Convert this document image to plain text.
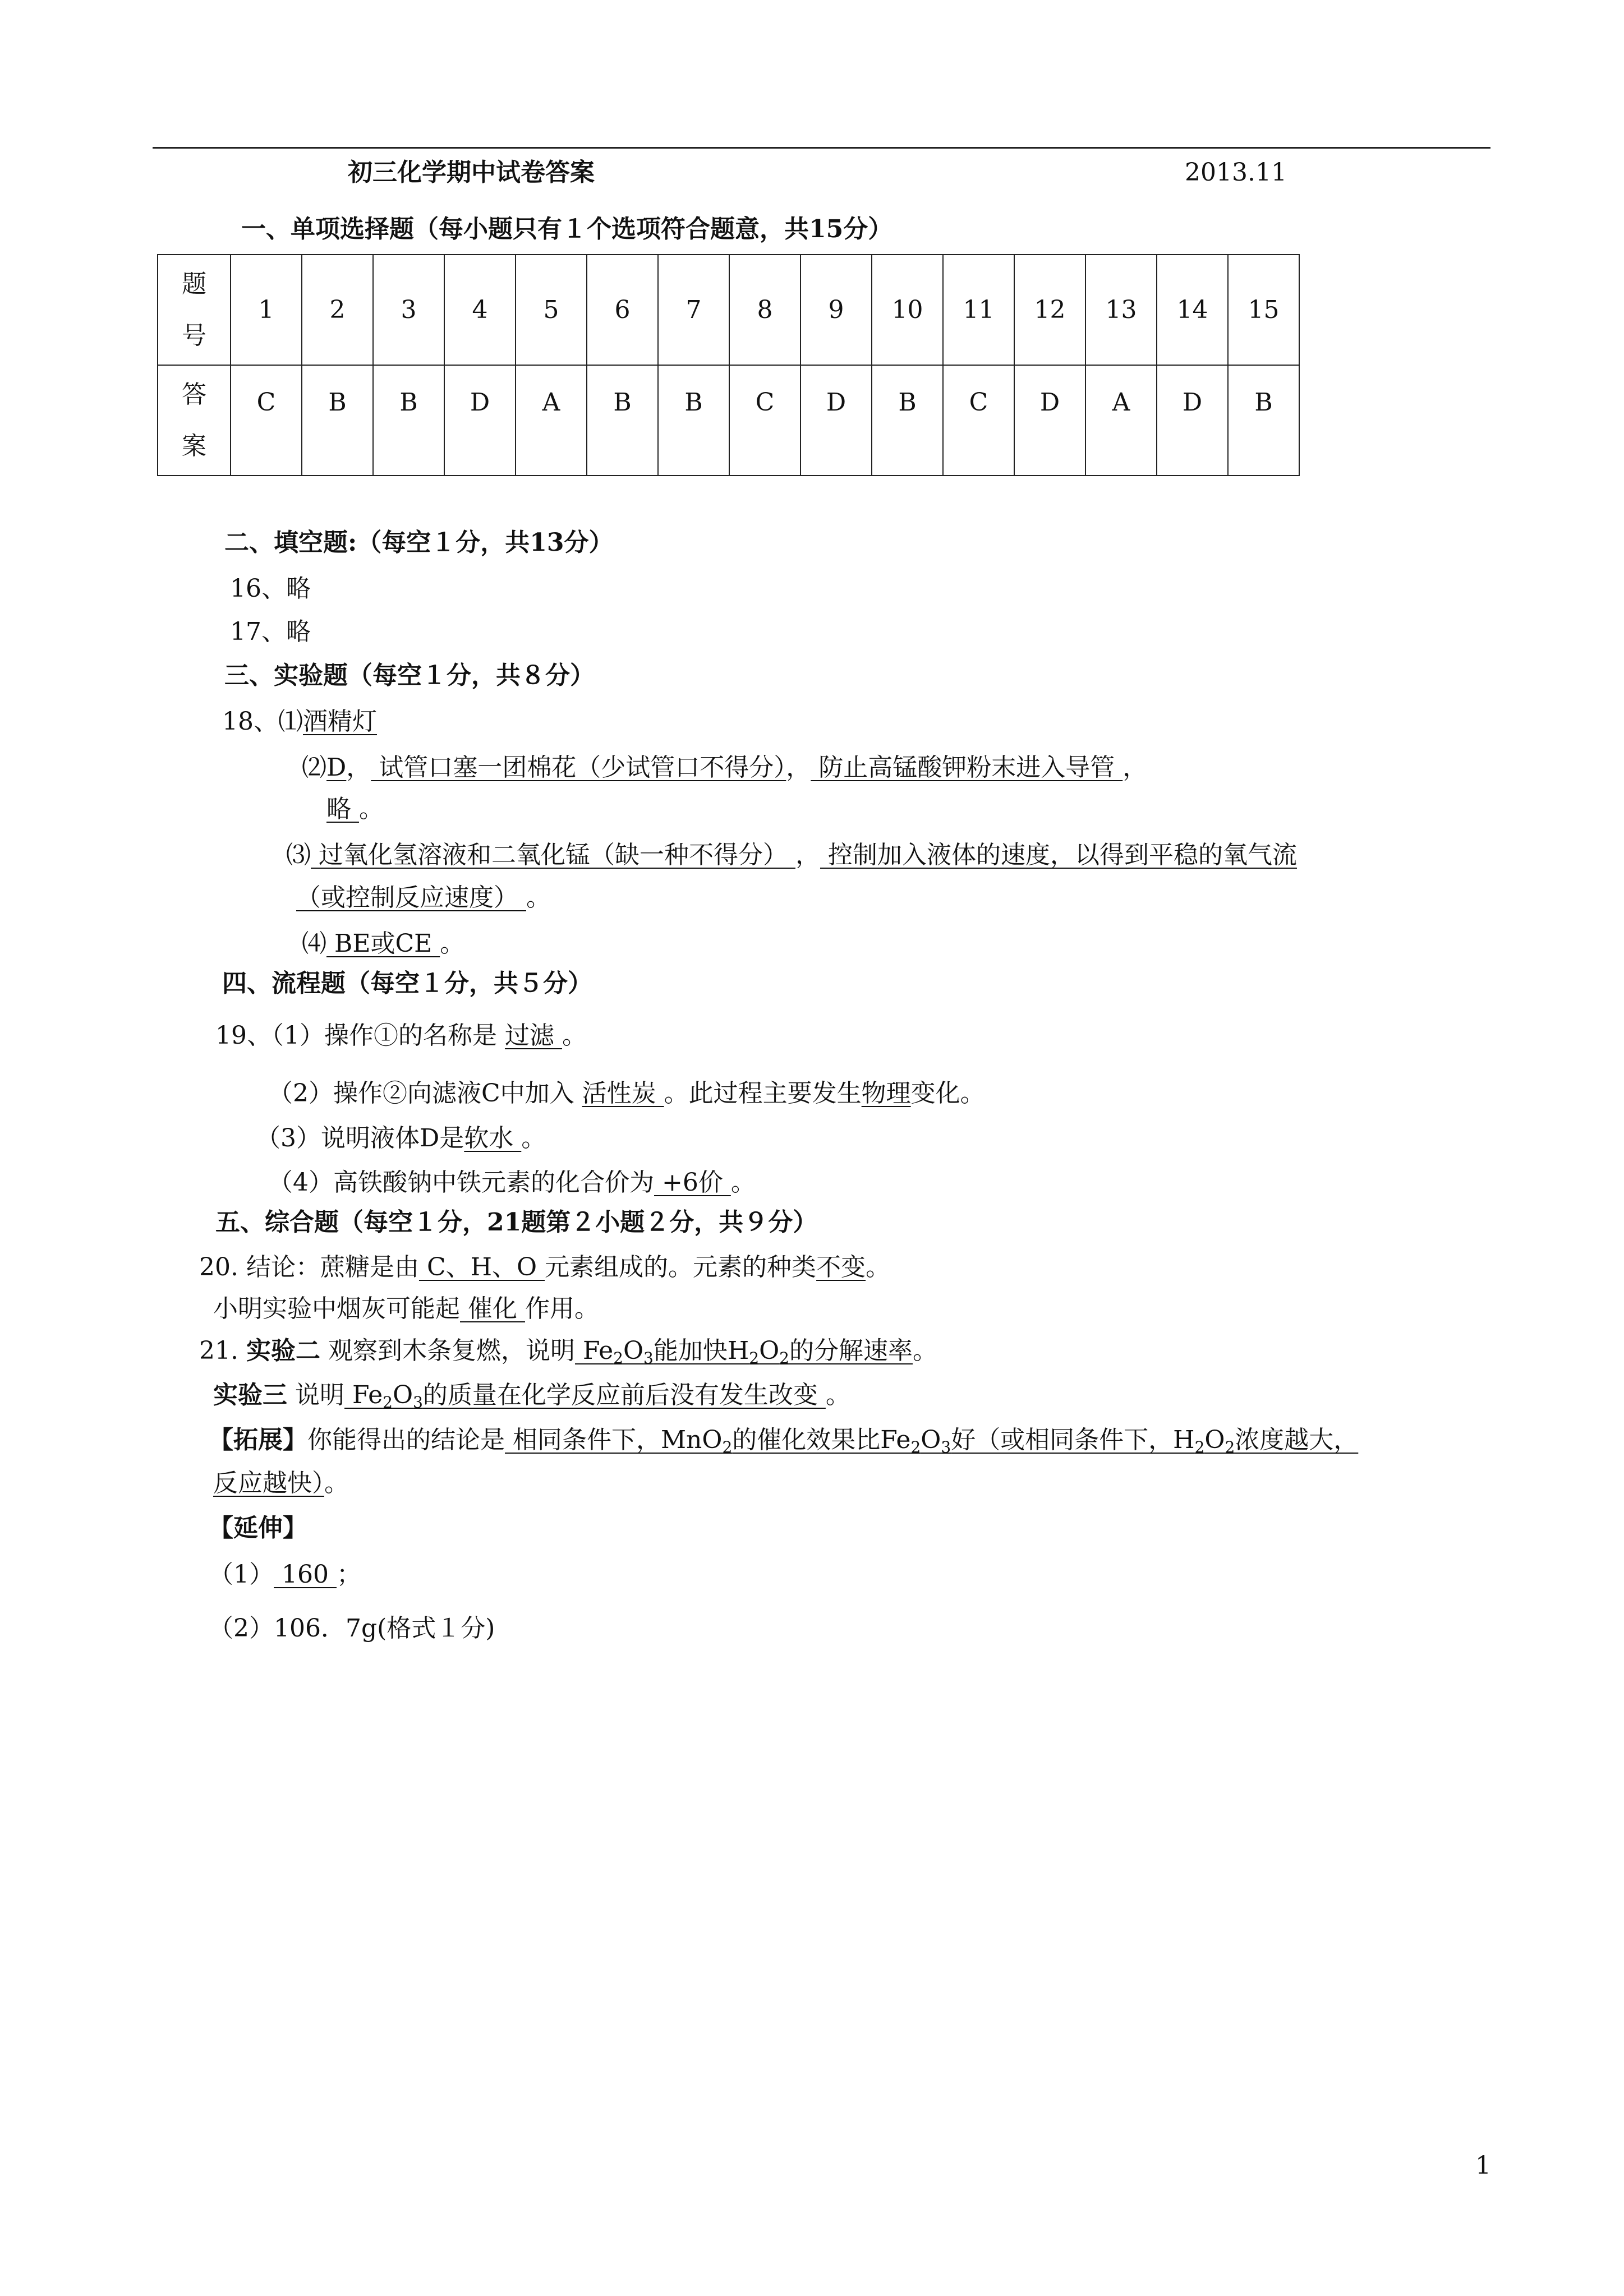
初三化学期中试卷答案	2013.11
一、单项选择题（每小题只有１个选项符合题意，共15分）
题号	1	2	3	4	5	6	7	8	9	10	11	12	13	14	15

答案	C	B	B	D	A	B	B	C	D	B	C	D	A	D	B
二、填空题:（每空１分，共13分）
16、略
17、略
三、实验题（每空１分，共８分）
18、⑴酒精灯
⑵D， 试管口塞一团棉花（少试管口不得分）， 防止高锰酸钾粉末进入导管 ，
略 。
⑶ 过氧化氢溶液和二氧化锰（缺一种不得分） ， 控制加入液体的速度，以得到平稳的氧气流
（或控制反应速度） 。
⑷ BE或CE 。
四、流程题（每空１分，共５分）
19、（1）操作①的名称是 过滤 。
（2）操作②向滤液C中加入 活性炭 。此过程主要发生物理变化。
（3）说明液体D是软水 。
（4）高铁酸钠中铁元素的化合价为 +6价 。
五、综合题（每空１分，21题第２小题２分，共９分）
20. 结论：蔗糖是由 C、H、O 元素组成的。元素的种类不变。
小明实验中烟灰可能起 催化 作用。
21. 实验二 观察到木条复燃，说明 $Fe_2O_3$能加快$H_2O_2$的分解速率。
实验三 说明 $Fe_2O_3$的质量在化学反应前后没有发生改变 。
【拓展】你能得出的结论是 相同条件下，MnO$_2$的催化效果比$Fe_2O_3$好（或相同条件下，$H_2O_2$浓度越大，
反应越快）。
【延伸】
（1） 160 ；
（2）106．7g(格式１分)
1
